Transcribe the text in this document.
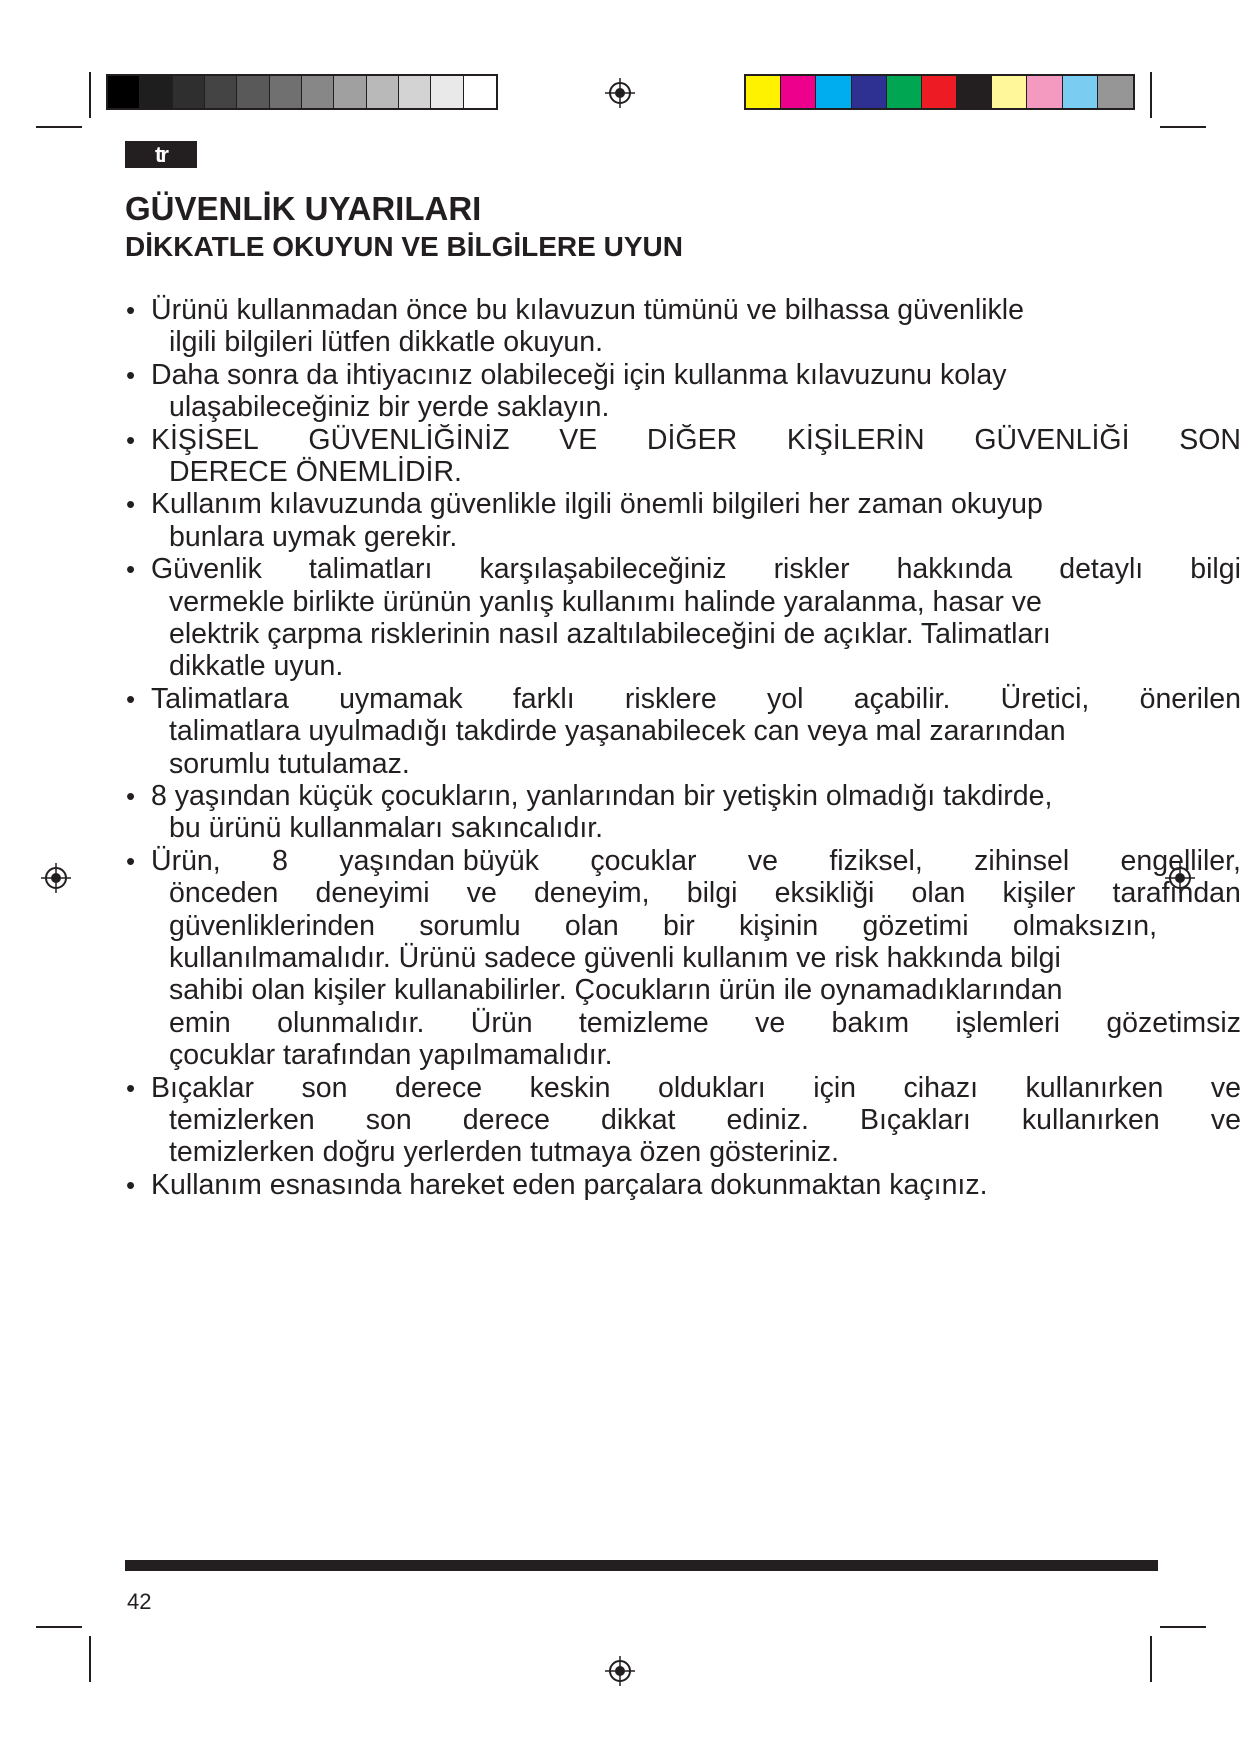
tr
GÜVENLİK UYARILARI
DİKKATLE OKUYUN VE BİLGİLERE UYUN
• Ürünü kullanmadan önce bu kılavuzun tümünü ve bilhassa güvenlikle
ilgili bilgileri lütfen dikkatle okuyun.
• Daha sonra da ihtiyacınız olabileceği için kullanma kılavuzunu kolay
ulaşabileceğiniz bir yerde saklayın.
• KİŞİSEL GÜVENLİĞİNİZ VE DİĞER KİŞİLERİN GÜVENLİĞİ SON
DERECE ÖNEMLİDİR.
• Kullanım kılavuzunda güvenlikle ilgili önemli bilgileri her zaman okuyup
bunlara uymak gerekir.
• Güvenlik talimatları karşılaşabileceğiniz riskler hakkında detaylı bilgi
vermekle birlikte ürünün yanlış kullanımı halinde yaralanma, hasar ve
elektrik çarpma risklerinin nasıl azaltılabileceğini de açıklar. Talimatları
dikkatle uyun.
• Talimatlara uymamak farklı risklere yol açabilir. Üretici, önerilen
talimatlara uyulmadığı takdirde yaşanabilecek can veya mal zararından
sorumlu tutulamaz.
• 8 yaşından küçük çocukların, yanlarından bir yetişkin olmadığı takdirde,
bu ürünü kullanmaları sakıncalıdır.
• Ürün, 8 yaşından büyük çocuklar ve fiziksel, zihinsel engelliler,
önceden deneyimi ve deneyim, bilgi eksikliği olan kişiler tarafından
güvenliklerinden sorumlu olan bir kişinin gözetimi olmaksızın,
kullanılmamalıdır. Ürünü sadece güvenli kullanım ve risk hakkında bilgi
sahibi olan kişiler kullanabilirler. Çocukların ürün ile oynamadıklarından
emin olunmalıdır. Ürün temizleme ve bakım işlemleri gözetimsiz
çocuklar tarafından yapılmamalıdır.
• Bıçaklar son derece keskin oldukları için cihazı kullanırken ve
temizlerken son derece dikkat ediniz. Bıçakları kullanırken ve
temizlerken doğru yerlerden tutmaya özen gösteriniz.
• Kullanım esnasında hareket eden parçalara dokunmaktan kaçınız.
42
